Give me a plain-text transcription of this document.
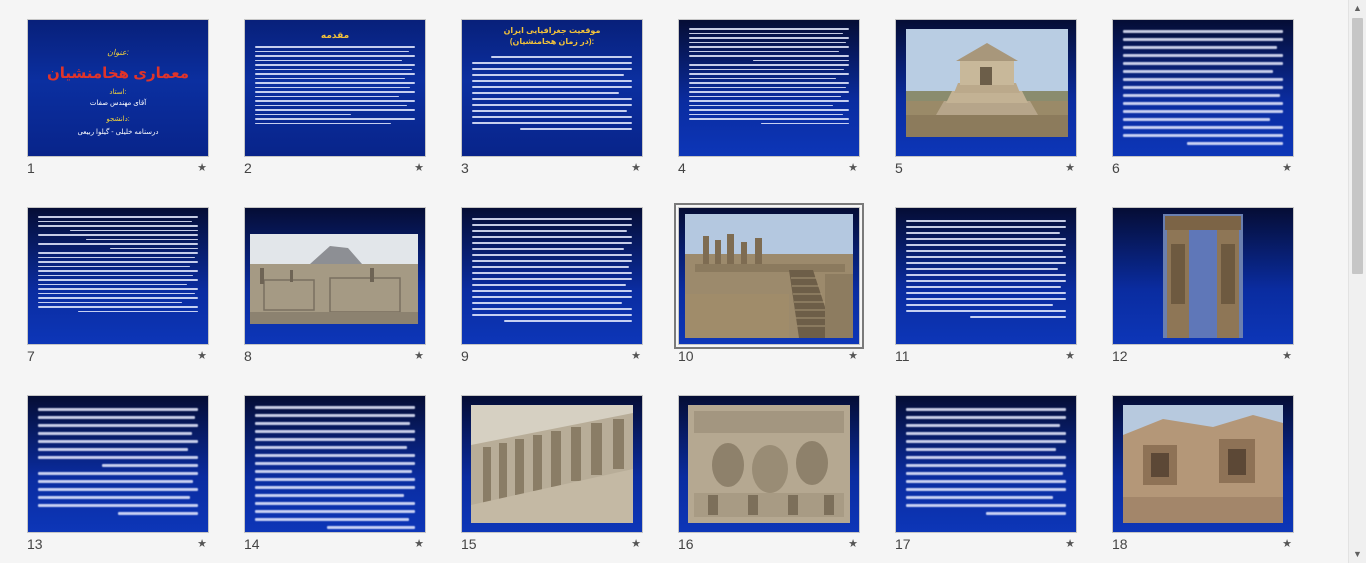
عنوان:
معماری هخامنشیان
استاد:
آقای مهندس صفات
دانشجو:
درسنامه خلیلی - گیلوا ربیعی
1	★
مقدمه
2	★
موقعیت جغرافیایی ایران
(در زمان هخامنشیان):
3	★	4	★	5	★	6	★
7	★	8	★	9	★	10	★	11	★	12	★
13	★	14	★	15	★	16	★	17	★	18	★
▲
▼
